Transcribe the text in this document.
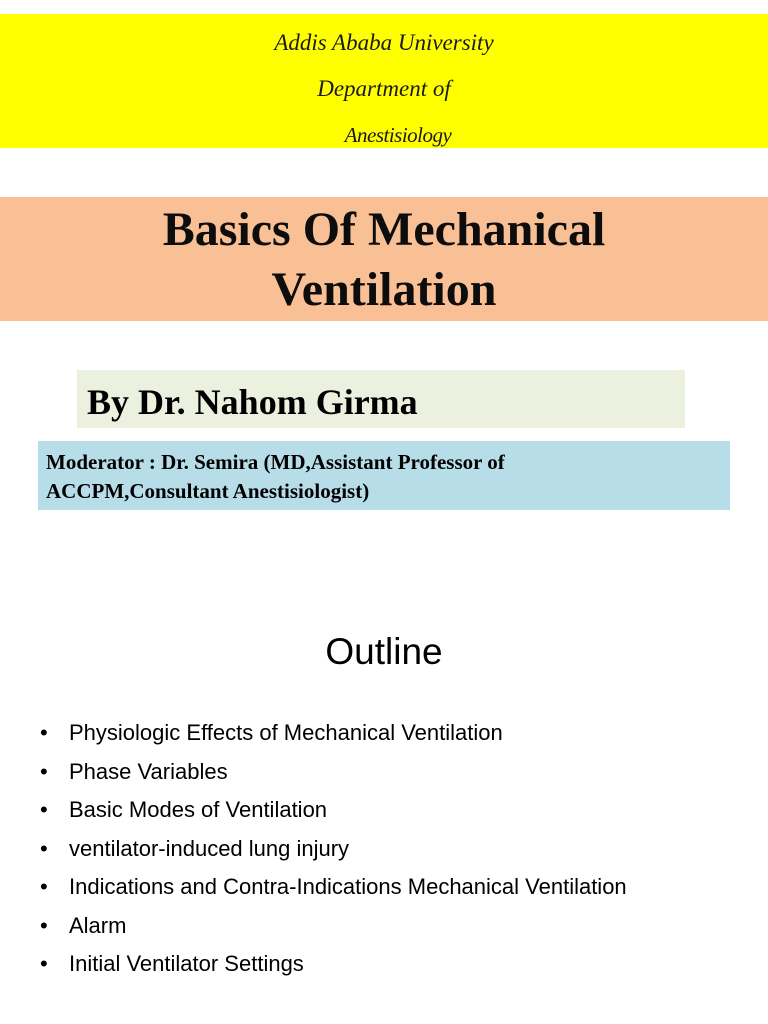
Addis Ababa University
Department of
Anestisiology
Basics Of Mechanical
Ventilation
By Dr. Nahom Girma
Moderator : Dr. Semira (MD,Assistant Professor of
ACCPM,Consultant Anestisiologist)
Outline
• Physiologic Effects of Mechanical Ventilation
• Phase Variables
• Basic Modes of Ventilation
• ventilator-induced lung injury
• Indications and Contra-Indications Mechanical Ventilation
• Alarm
• Initial Ventilator Settings
